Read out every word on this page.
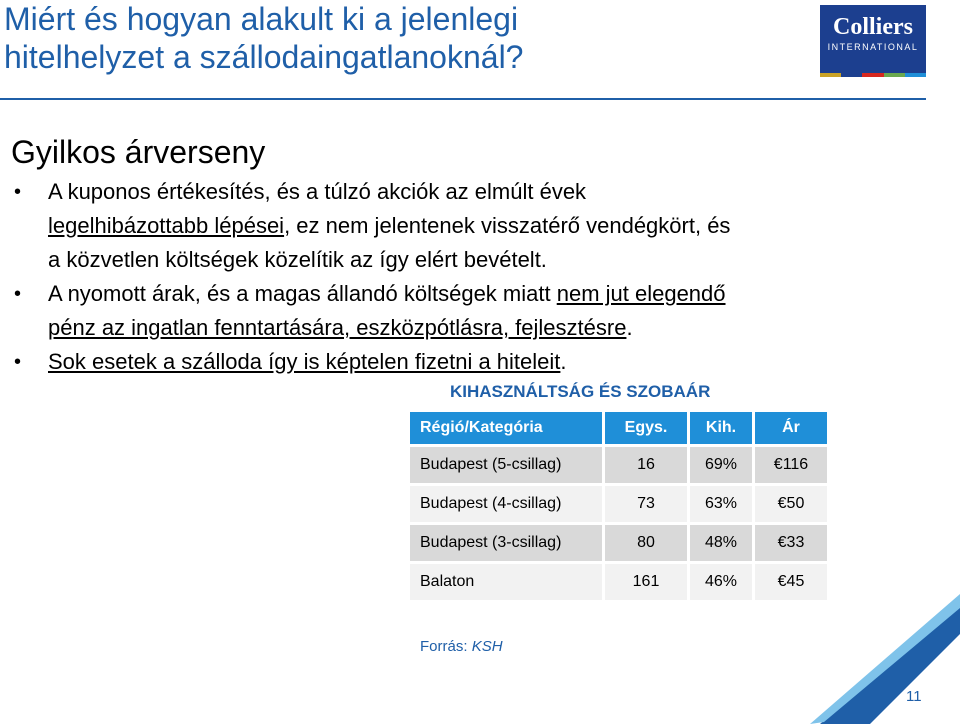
Miért és hogyan alakult ki a jelenlegi
hitelhelyzet a szállodaingatlanoknál?
Colliers
INTERNATIONAL
Gyilkos árverseny
• A kuponos értékesítés, és a túlzó akciók az elmúlt évek
legelhibázottabb lépései, ez nem jelentenek visszatérő vendégkört, és
a közvetlen költségek közelítik az így elért bevételt.
• A nyomott árak, és a magas állandó költségek miatt nem jut elegendő
pénz az ingatlan fenntartására, eszközpótlásra, fejlesztésre.
• Sok esetek a szálloda így is képtelen fizetni a hiteleit.
KIHASZNÁLTSÁG ÉS SZOBAÁR
Régió/Kategória	Egys.	Kih.	Ár
Budapest (5-csillag)	16	69%	€116
Budapest (4-csillag)	73	63%	€50
Budapest (3-csillag)	80	48%	€33
Balaton	161	46%	€45
Forrás: KSH
11
